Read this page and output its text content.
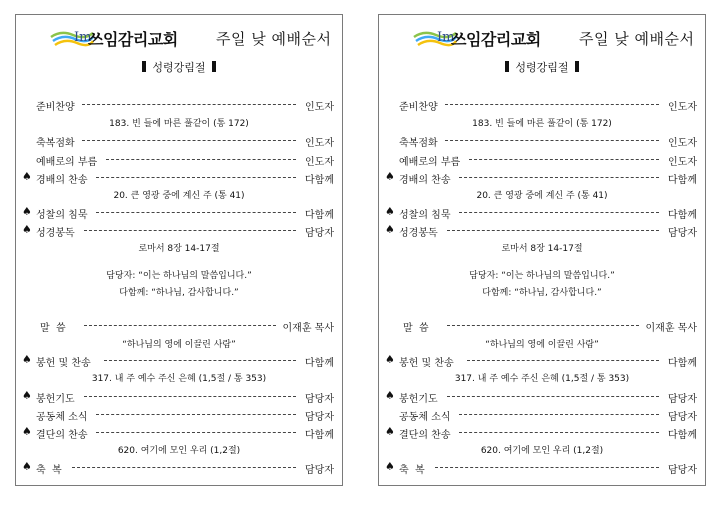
Im
쓰임감리교회	주일 낮 예배순서
성령강림절
준비찬양	인도자
183. 빈 들에 마른 풀같이 (통 172)
축복점화	인도자
예배로의 부름	인도자
♠ 경배의 찬송	다함께
20. 큰 영광 중에 계신 주 (통 41)
♠ 성찰의 침묵	다함께
♠ 성경봉독	담당자
로마서 8장 14-17절
담당자: “이는 하나님의 말씀입니다.”
다함께: “하나님, 감사합니다.”
말  씀	이재훈 목사
“하나님의 영에 이끌린 사람”
♠ 봉헌 및 찬송	다함께
317. 내 주 예수 주신 은혜 (1,5절 / 통 353)
♠ 봉헌기도	담당자
공동체 소식	담당자
♠ 결단의 찬송	다함께
620. 여기에 모인 우리 (1,2절)
♠ 축  복	담당자
Im
쓰임감리교회	주일 낮 예배순서
성령강림절
준비찬양	인도자
183. 빈 들에 마른 풀같이 (통 172)
축복점화	인도자
예배로의 부름	인도자
♠ 경배의 찬송	다함께
20. 큰 영광 중에 계신 주 (통 41)
♠ 성찰의 침묵	다함께
♠ 성경봉독	담당자
로마서 8장 14-17절
담당자: “이는 하나님의 말씀입니다.”
다함께: “하나님, 감사합니다.”
말  씀	이재훈 목사
“하나님의 영에 이끌린 사람”
♠ 봉헌 및 찬송	다함께
317. 내 주 예수 주신 은혜 (1,5절 / 통 353)
♠ 봉헌기도	담당자
공동체 소식	담당자
♠ 결단의 찬송	다함께
620. 여기에 모인 우리 (1,2절)
♠ 축  복	담당자
